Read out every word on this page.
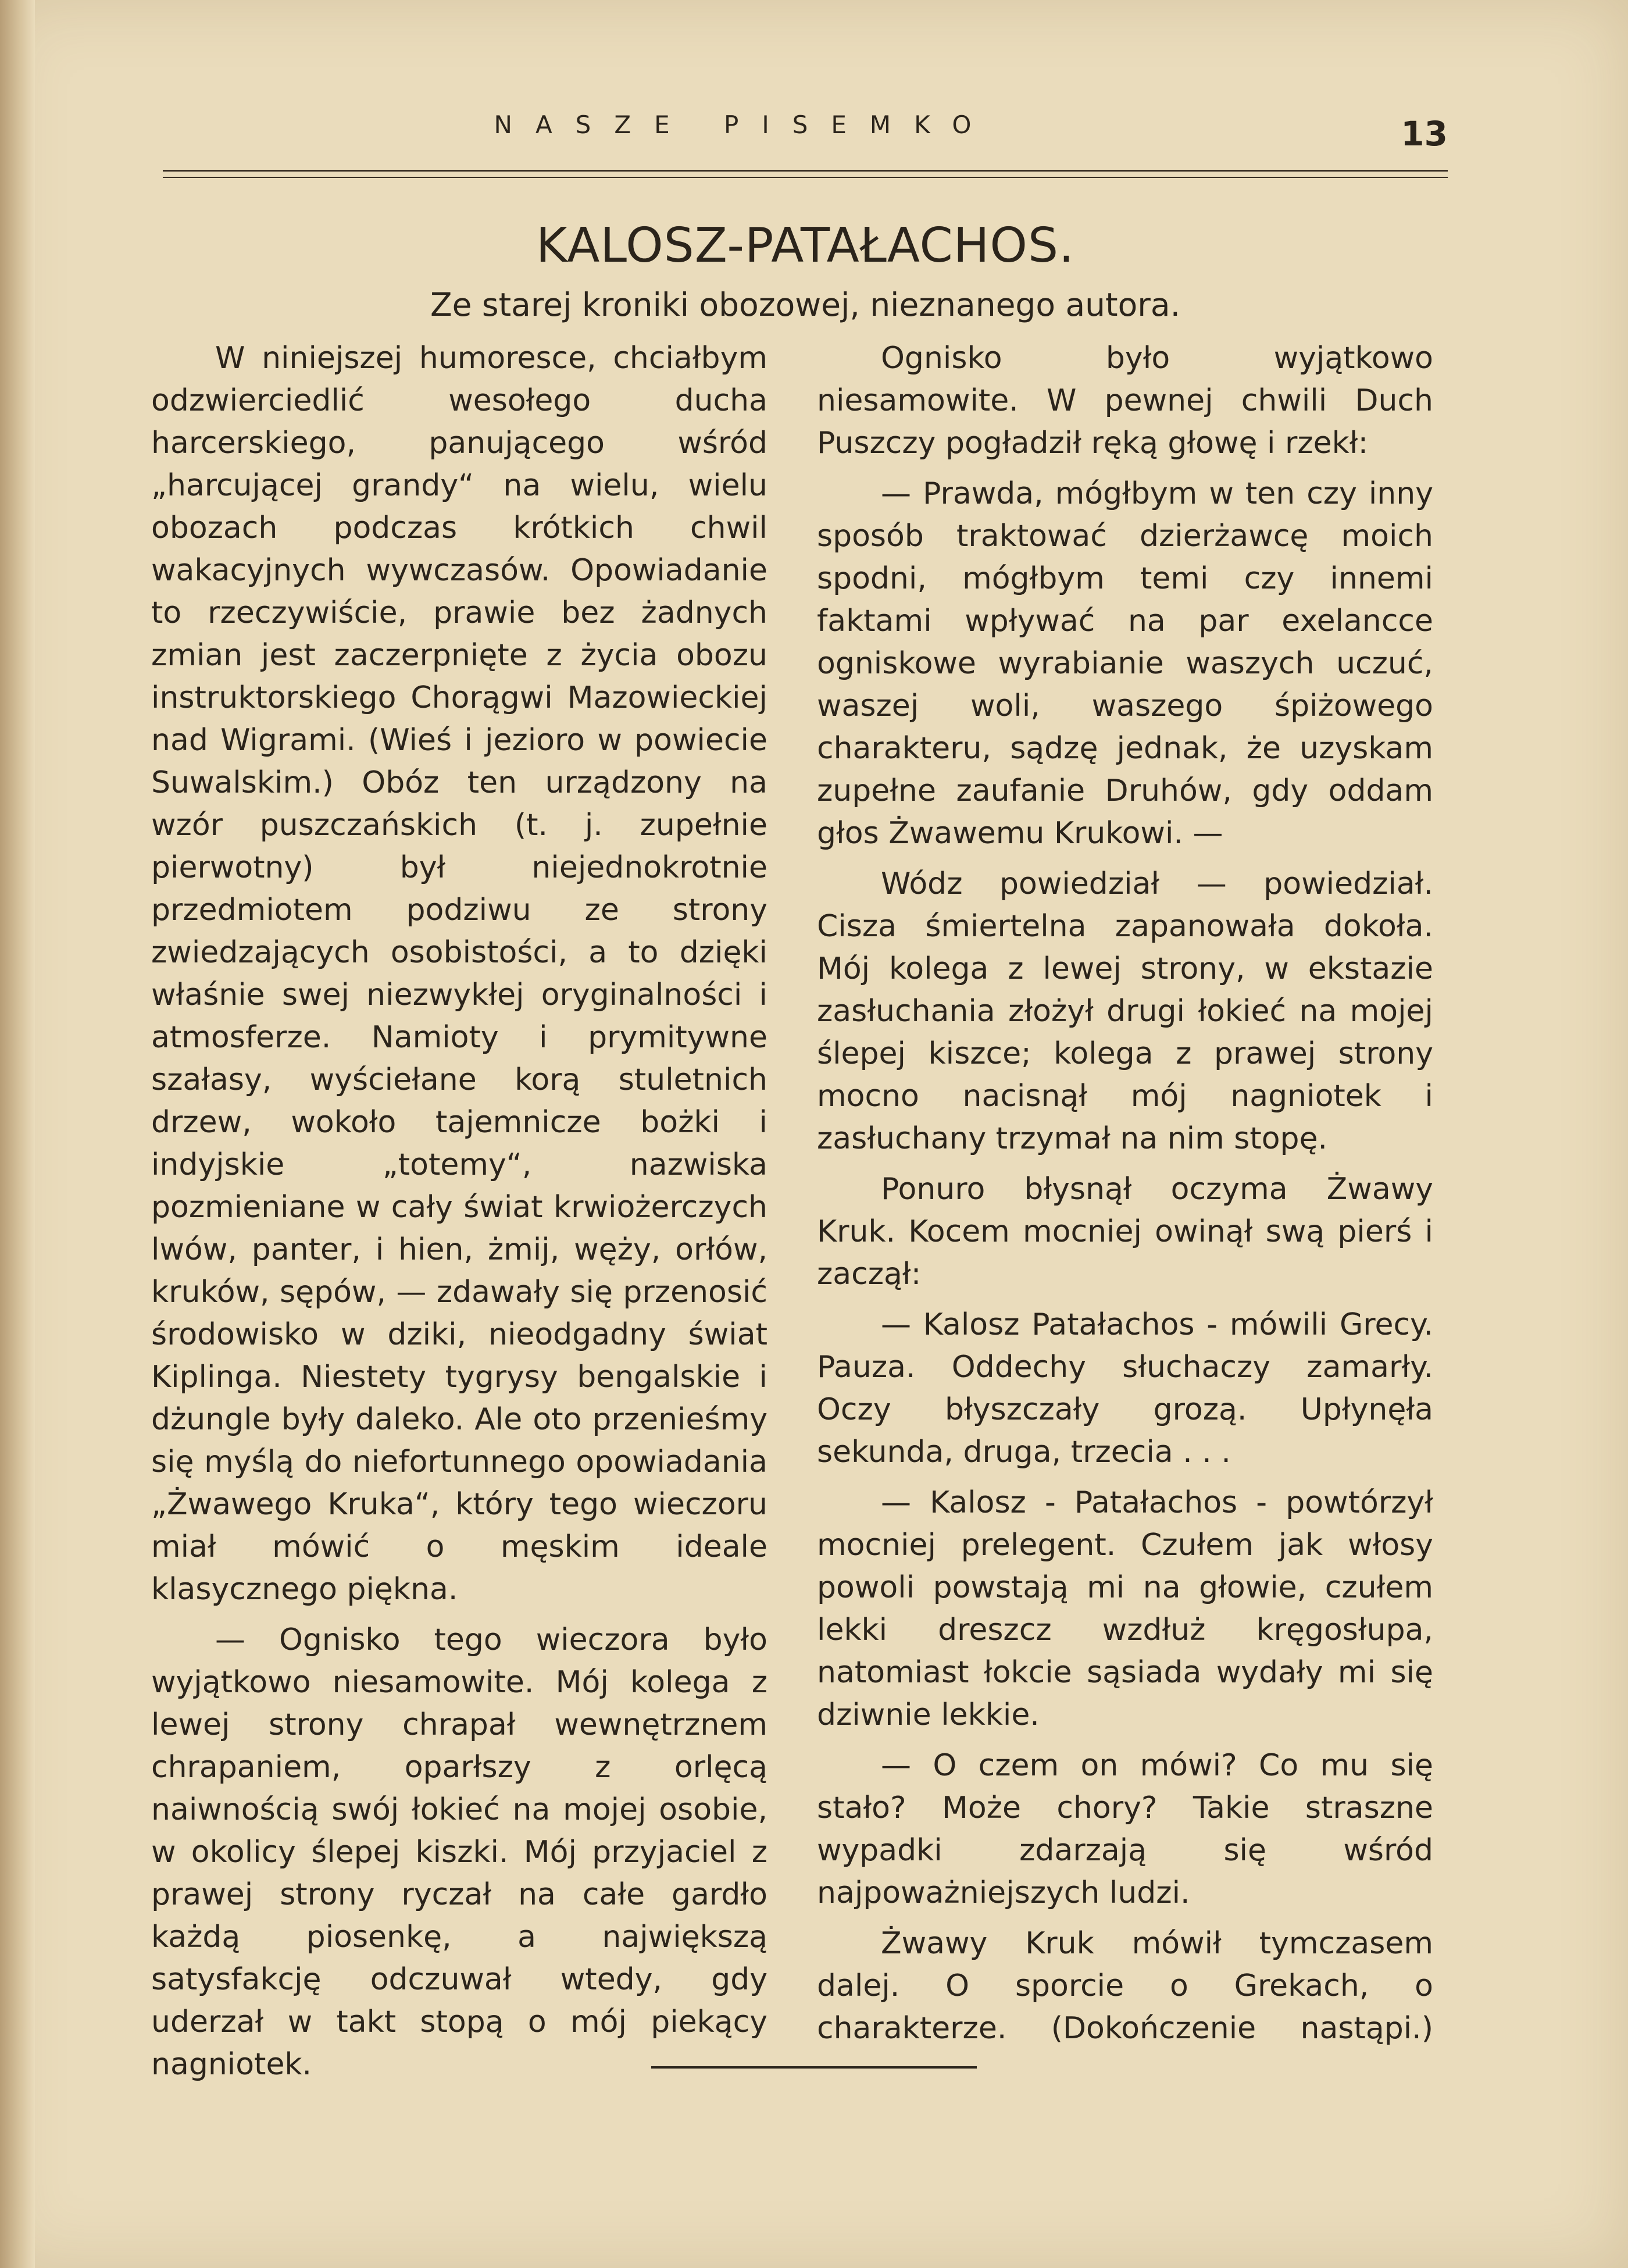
NASZE PISEMKO	13
KALOSZ-PATAŁACHOS.
Ze starej kroniki obozowej, nieznanego autora.

W niniejszej humoresce, chciałbym odzwierciedlić wesołego ducha harcerskiego, panującego wśród „harcującej grandy“ na wielu, wielu obozach podczas krótkich chwil wakacyjnych wywczasów. Opowiadanie to rzeczywiście, prawie bez żadnych zmian jest zaczerpnięte z życia obozu instruktorskiego Chorągwi Mazowieckiej nad Wigrami. (Wieś i jezioro w powiecie Suwalskim.) Obóz ten urządzony na wzór puszczańskich (t. j. zupełnie pierwotny) był niejednokrotnie przedmiotem podziwu ze strony zwiedzających osobistości, a to dzięki właśnie swej niezwykłej oryginalności i atmosferze. Namioty i prymitywne szałasy, wyściełane korą stuletnich drzew, wokoło tajemnicze bożki i indyjskie „totemy“, nazwiska pozmieniane w cały świat krwiożerczych lwów, panter, i hien, żmij, węży, orłów, kruków, sępów, — zdawały się przenosić środowisko w dziki, nieodgadny świat Kiplinga. Niestety tygrysy bengalskie i dżungle były daleko. Ale oto przenieśmy się myślą do niefortunnego opowiadania „Żwawego Kruka“, który tego wieczoru miał mówić o męskim ideale klasycznego piękna.

— Ognisko tego wieczora było wyjątkowo niesamowite. Mój kolega z lewej strony chrapał wewnętrznem chrapaniem, oparłszy z orlęcą naiwnością swój łokieć na mojej osobie, w okolicy ślepej kiszki. Mój przyjaciel z prawej strony ryczał na całe gardło każdą piosenkę, a największą satysfakcję odczuwał wtedy, gdy uderzał w takt stopą o mój piekący nagniotek.

Ognisko było wyjątkowo niesamowite. W pewnej chwili Duch Puszczy pogładził ręką głowę i rzekł:

— Prawda, mógłbym w ten czy inny sposób traktować dzierżawcę moich spodni, mógłbym temi czy innemi faktami wpływać na par exelancce ogniskowe wyrabianie waszych uczuć, waszej woli, waszego śpiżowego charakteru, sądzę jednak, że uzyskam zupełne zaufanie Druhów, gdy oddam głos Żwawemu Krukowi. —

Wódz powiedział — powiedział. Cisza śmiertelna zapanowała dokoła. Mój kolega z lewej strony, w ekstazie zasłuchania złożył drugi łokieć na mojej ślepej kiszce; kolega z prawej strony mocno nacisnął mój nagniotek i zasłuchany trzymał na nim stopę.

Ponuro błysnął oczyma Żwawy Kruk. Kocem mocniej owinął swą pierś i zaczął:

— Kalosz Patałachos - mówili Grecy. Pauza. Oddechy słuchaczy zamarły. Oczy błyszczały grozą. Upłynęła sekunda, druga, trzecia . . .

— Kalosz - Patałachos - powtórzył mocniej prelegent. Czułem jak włosy powoli powstają mi na głowie, czułem lekki dreszcz wzdłuż kręgosłupa, natomiast łokcie sąsiada wydały mi się dziwnie lekkie.

— O czem on mówi? Co mu się stało? Może chory? Takie straszne wypadki zdarzają się wśród najpoważniejszych ludzi.

Żwawy Kruk mówił tymczasem dalej. O sporcie o Grekach, o charakterze. (Dokończenie nastąpi.)
